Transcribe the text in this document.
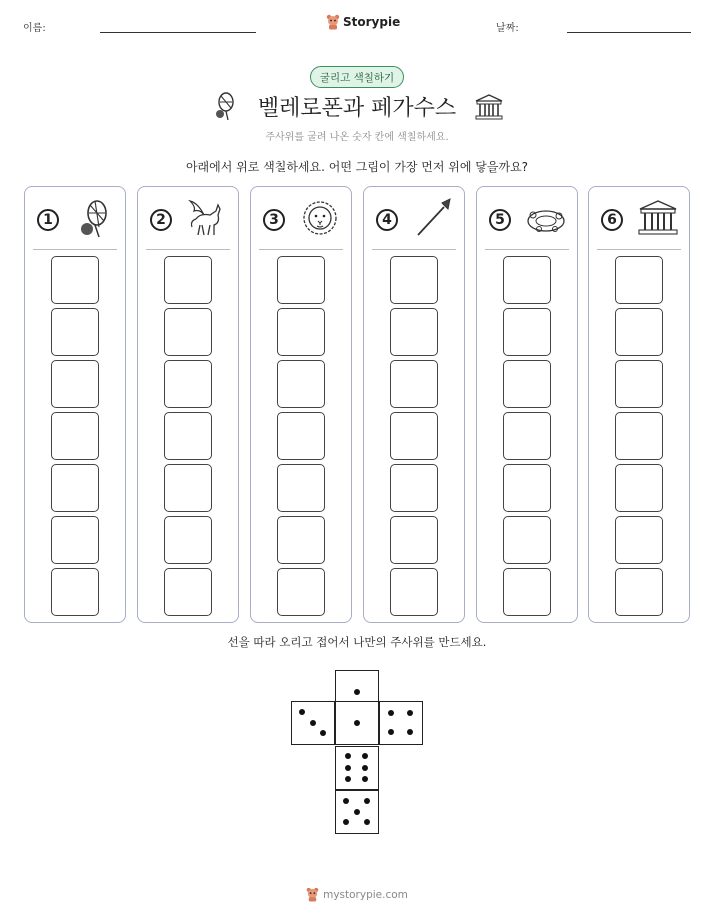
이름:	Storypie	날짜:
굴리고 색칠하기
벨레로폰과 페가수스
주사위를 굴려 나온 숫자 칸에 색칠하세요.
아래에서 위로 색칠하세요. 어떤 그림이 가장 먼저 위에 닿을까요?
1	2	3	4	5	6
선을 따라 오리고 접어서 나만의 주사위를 만드세요.
mystorypie.com
